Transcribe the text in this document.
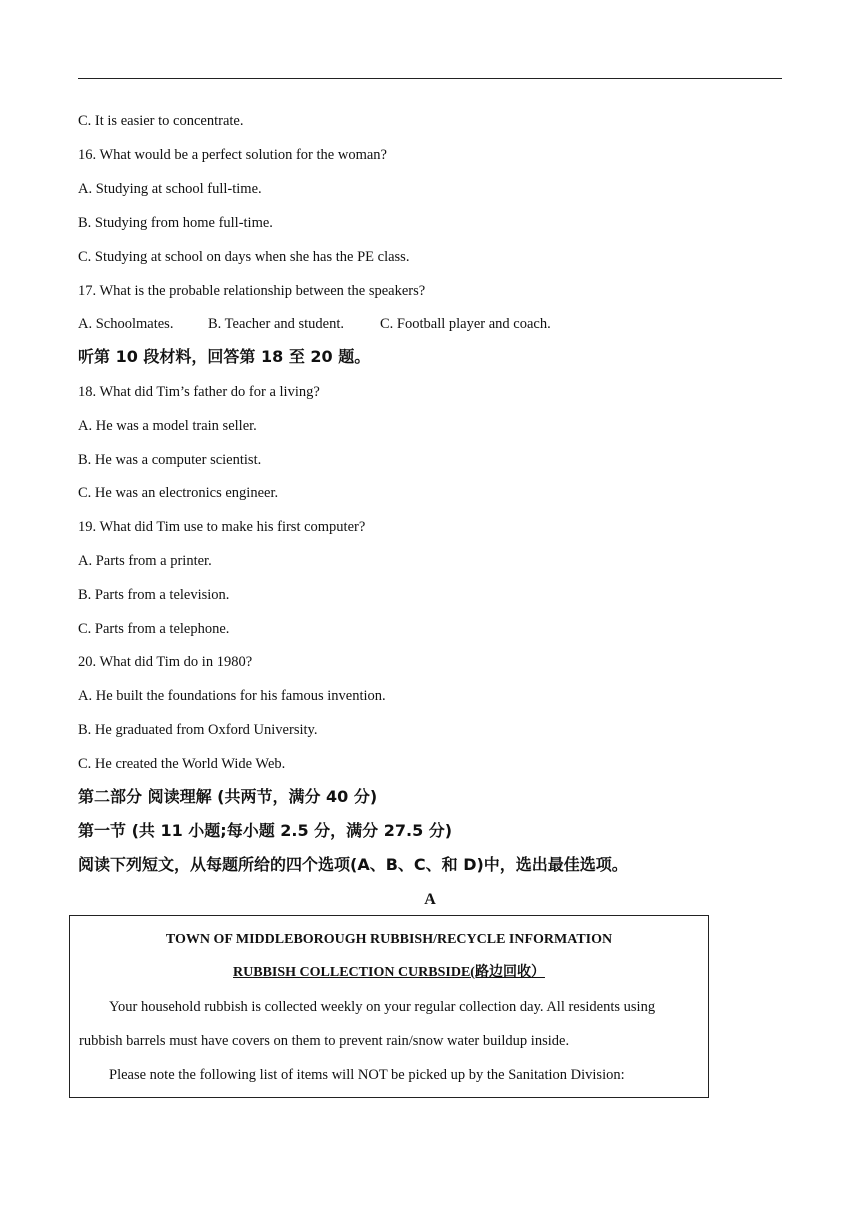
C. It is easier to concentrate.
16. What would be a perfect solution for the woman?
A. Studying at school full-time.
B. Studying from home full-time.
C. Studying at school on days when she has the PE class.
17. What is the probable relationship between the speakers?
A. Schoolmates. B. Teacher and student. C. Football player and coach.
听第 10 段材料，回答第 18 至 20 题。
18. What did Tim’s father do for a living?
A. He was a model train seller.
B. He was a computer scientist.
C. He was an electronics engineer.
19. What did Tim use to make his first computer?
A. Parts from a printer.
B. Parts from a television.
C. Parts from a telephone.
20. What did Tim do in 1980?
A. He built the foundations for his famous invention.
B. He graduated from Oxford University.
C. He created the World Wide Web.
第二部分 阅读理解 (共两节，满分 40 分)
第一节 (共 11 小题;每小题 2.5 分，满分 27.5 分)
阅读下列短文，从每题所给的四个选项(A、B、C、和 D)中，选出最佳选项。
A
TOWN OF MIDDLEBOROUGH RUBBISH/RECYCLE INFORMATION
RUBBISH COLLECTION CURBSIDE(路边回收）
Your household rubbish is collected weekly on your regular collection day. All residents using
rubbish barrels must have covers on them to prevent rain/snow water buildup inside.
Please note the following list of items will NOT be picked up by the Sanitation Division:
